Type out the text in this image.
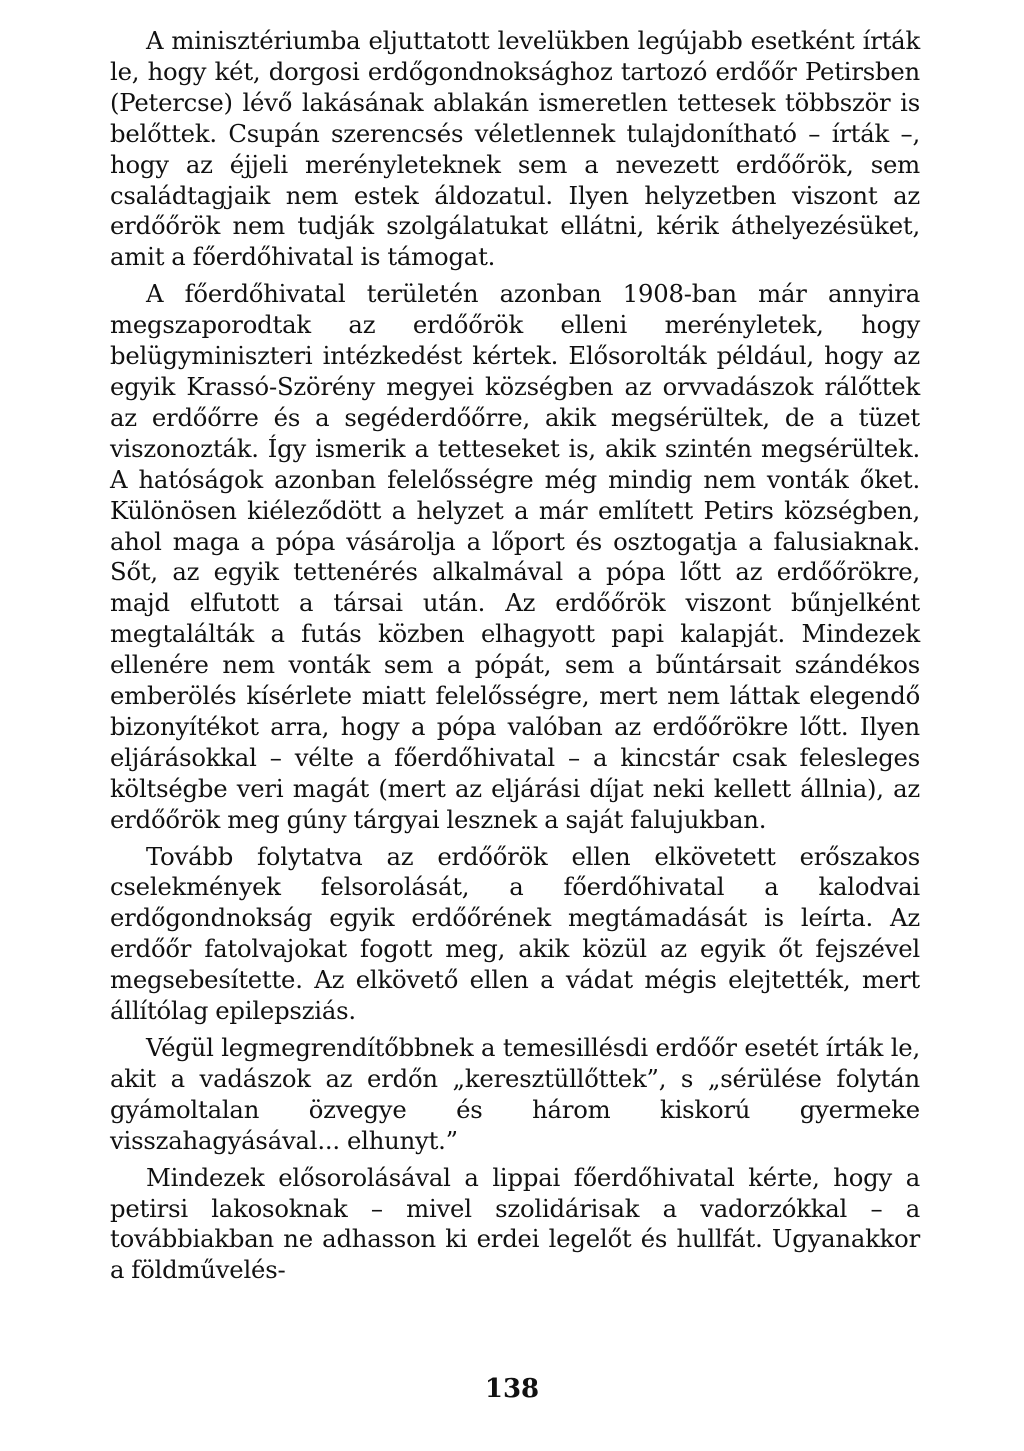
A minisztériumba eljuttatott levelükben legújabb esetként írták le, hogy két, dorgosi erdőgondnoksághoz tartozó erdőőr Petirsben (Petercse) lévő lakásának ablakán ismeretlen tettesek többször is belőttek. Csupán szerencsés véletlennek tulajdonítható – írták –, hogy az éjjeli merényleteknek sem a nevezett erdőőrök, sem családtagjaik nem estek áldozatul. Ilyen helyzetben viszont az erdőőrök nem tudják szolgálatukat ellátni, kérik áthelyezésüket, amit a főerdőhivatal is támogat.

A főerdőhivatal területén azonban 1908-ban már annyira megszaporodtak az erdőőrök elleni merényletek, hogy belügyminiszteri intézkedést kértek. Elősorolták például, hogy az egyik Krassó-Szörény megyei községben az orvvadászok rálőttek az erdőőrre és a segéderdőőrre, akik megsérültek, de a tüzet viszonozták. Így ismerik a tetteseket is, akik szintén megsérültek. A hatóságok azonban felelősségre még mindig nem vonták őket. Különösen kiéleződött a helyzet a már említett Petirs községben, ahol maga a pópa vásárolja a lőport és osztogatja a falusiaknak. Sőt, az egyik tettenérés alkalmával a pópa lőtt az erdőőrökre, majd elfutott a társai után. Az erdőőrök viszont bűnjelként megtalálták a futás közben elhagyott papi kalapját. Mindezek ellenére nem vonták sem a pópát, sem a bűntársait szándékos emberölés kísérlete miatt felelősségre, mert nem láttak elegendő bizonyítékot arra, hogy a pópa valóban az erdőőrökre lőtt. Ilyen eljárásokkal – vélte a főerdőhivatal – a kincstár csak felesleges költségbe veri magát (mert az eljárási díjat neki kellett állnia), az erdőőrök meg gúny tárgyai lesznek a saját falujukban.

Tovább folytatva az erdőőrök ellen elkövetett erőszakos cselekmények felsorolását, a főerdőhivatal a kalodvai erdőgondnokság egyik erdőőrének megtámadását is leírta. Az erdőőr fatolvajokat fogott meg, akik közül az egyik őt fejszével megsebesítette. Az elkövető ellen a vádat mégis elejtették, mert állítólag epilepsziás.

Végül legmegrendítőbbnek a temesillésdi erdőőr esetét írták le, akit a vadászok az erdőn „keresztüllőttek”, s „sérülése folytán gyámoltalan özvegye és három kiskorú gyermeke visszahagyásával... elhunyt.”

Mindezek elősorolásával a lippai főerdőhivatal kérte, hogy a petirsi lakosoknak – mivel szolidárisak a vadorzókkal – a továbbiakban ne adhasson ki erdei legelőt és hullfát. Ugyanakkor a földművelés-

138
